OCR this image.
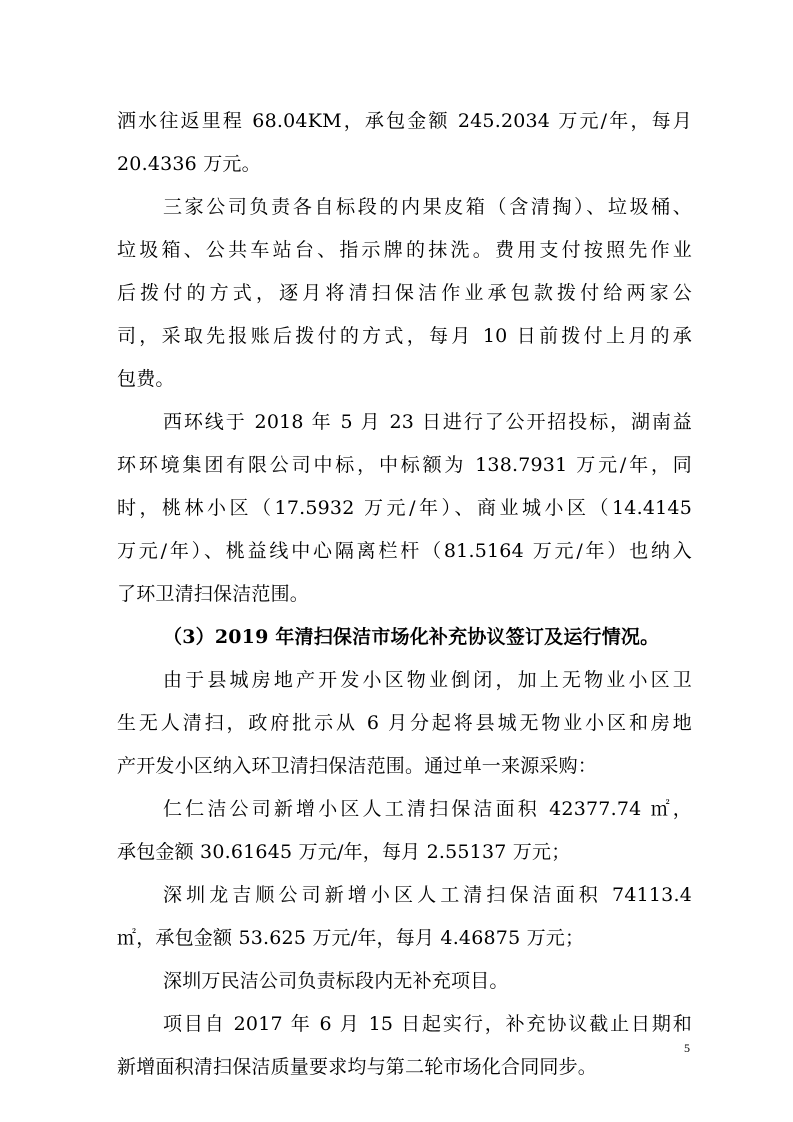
洒水往返里程 68.04KM，承包金额 245.2034 万元/年，每月
20.4336 万元。
三家公司负责各自标段的内果皮箱（含清掏）、垃圾桶、
垃圾箱、公共车站台、指示牌的抹洗。费用支付按照先作业
后拨付的方式，逐月将清扫保洁作业承包款拨付给两家公
司，采取先报账后拨付的方式，每月 10 日前拨付上月的承
包费。
西环线于 2018 年 5 月 23 日进行了公开招投标，湖南益
环环境集团有限公司中标，中标额为 138.7931 万元/年，同
时，桃林小区（17.5932 万元/年）、商业城小区（14.4145
万元/年）、桃益线中心隔离栏杆（81.5164 万元/年）也纳入
了环卫清扫保洁范围。
（3）2019 年清扫保洁市场化补充协议签订及运行情况。
由于县城房地产开发小区物业倒闭，加上无物业小区卫
生无人清扫，政府批示从 6 月分起将县城无物业小区和房地
产开发小区纳入环卫清扫保洁范围。通过单一来源采购：
仁仁洁公司新增小区人工清扫保洁面积 42377.74 ㎡，
承包金额 30.61645 万元/年，每月 2.55137 万元；
深圳龙吉顺公司新增小区人工清扫保洁面积 74113.4
㎡，承包金额 53.625 万元/年，每月 4.46875 万元；
深圳万民洁公司负责标段内无补充项目。
项目自 2017 年 6 月 15 日起实行，补充协议截止日期和
新增面积清扫保洁质量要求均与第二轮市场化合同同步。
5
